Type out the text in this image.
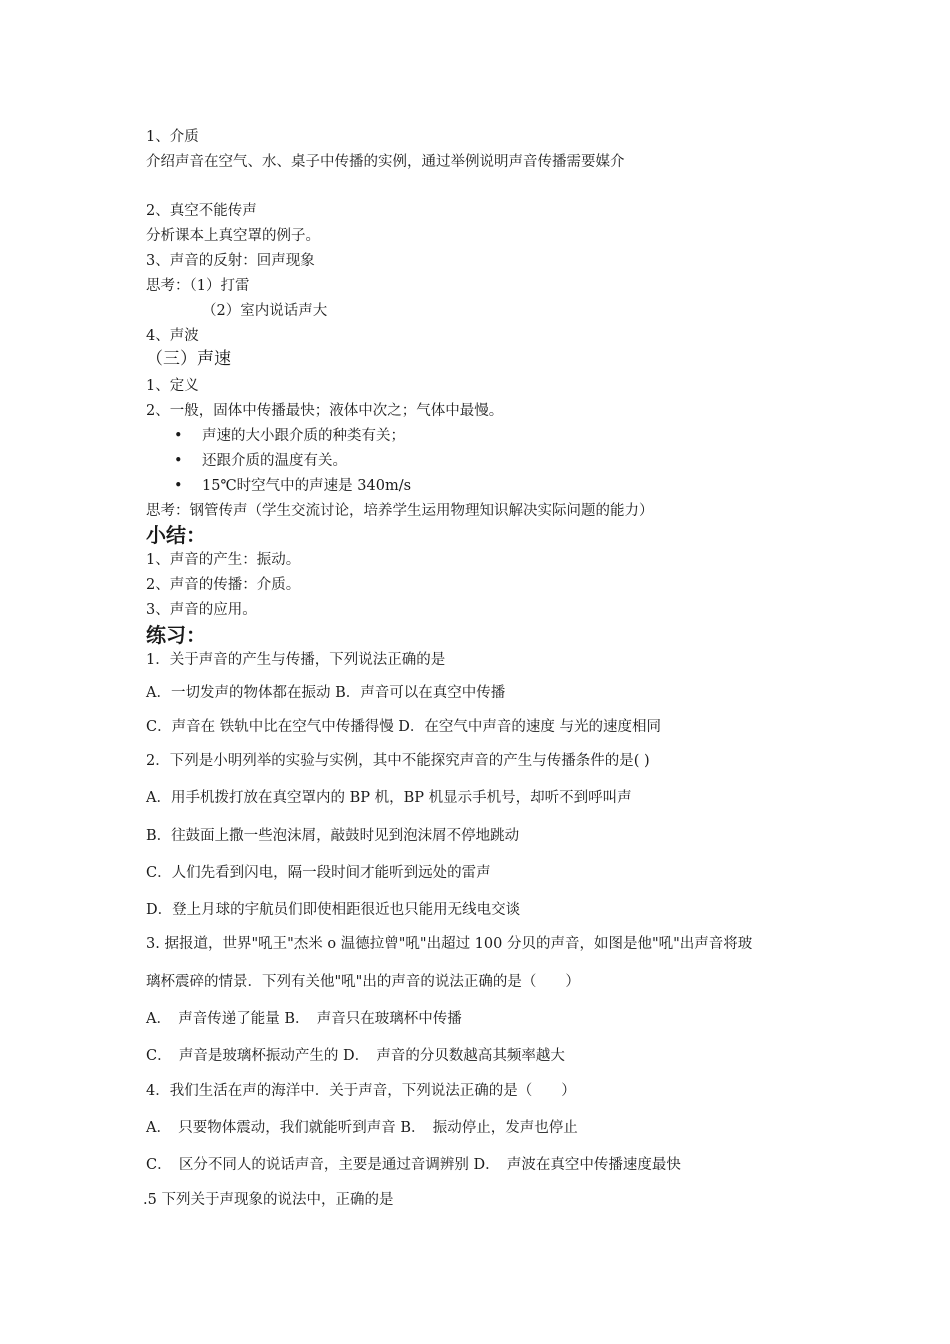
1、介质
介绍声音在空气、水、桌子中传播的实例，通过举例说明声音传播需要媒介
2、真空不能传声
分析课本上真空罩的例子。
3、声音的反射：回声现象
思考：（1）打雷
（2）室内说话声大
4、声波
（三）声速
1、定义
2、一般，固体中传播最快；液体中次之；气体中最慢。
• 声速的大小跟介质的种类有关；
• 还跟介质的温度有关。
• 15℃时空气中的声速是 340m/s
思考：钢管传声（学生交流讨论，培养学生运用物理知识解决实际问题的能力）
小结：
1、声音的产生：振动。
2、声音的传播：介质。
3、声音的应用。
练习：
1．关于声音的产生与传播，下列说法正确的是
A．一切发声的物体都在振动 B．声音可以在真空中传播
C．声音在 铁轨中比在空气中传播得慢 D．在空气中声音的速度 与光的速度相同
2．下列是小明列举的实验与实例，其中不能探究声音的产生与传播条件的是( )
A．用手机拨打放在真空罩内的 BP 机，BP 机显示手机号，却听不到呼叫声
B．往鼓面上撒一些泡沫屑，敲鼓时见到泡沫屑不停地跳动
C．人们先看到闪电，隔一段时间才能听到远处的雷声
D．登上月球的宇航员们即使相距很近也只能用无线电交谈
3. 据报道，世界"吼王"杰米 o 温德拉曾"吼"出超过 100 分贝的声音，如图是他"吼"出声音将玻
璃杯震碎的情景．下列有关他"吼"出的声音的说法正确的是（　　）
A．　声音传递了能量 B．　声音只在玻璃杯中传播
C．　声音是玻璃杯振动产生的 D．　声音的分贝数越高其频率越大
4．我们生活在声的海洋中．关于声音，下列说法正确的是（　　）
A．　只要物体震动，我们就能听到声音 B．　振动停止，发声也停止
C．　区分不同人的说话声音，主要是通过音调辨别 D．　声波在真空中传播速度最快
.5 下列关于声现象的说法中，正确的是
